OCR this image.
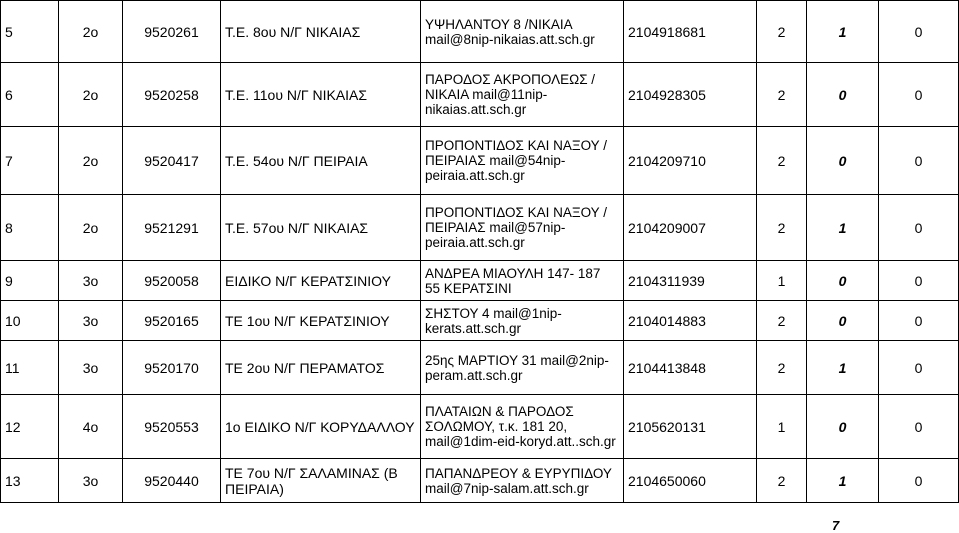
5	2ο	9520261	Τ.Ε. 8ου Ν/Γ ΝΙΚΑΙΑΣ	ΥΨΗΛΑΝΤΟΥ 8 /ΝΙΚΑΙΑ mail@8nip-nikaias.att.sch.gr	2104918681	2	1	0
6	2ο	9520258	Τ.Ε. 11ου Ν/Γ ΝΙΚΑΙΑΣ	ΠΑΡΟΔΟΣ ΑΚΡΟΠΟΛΕΩΣ / ΝΙΚΑΙΑ mail@11nip-nikaias.att.sch.gr	2104928305	2	0	0
7	2ο	9520417	Τ.Ε. 54ου Ν/Γ ΠΕΙΡΑΙΑ	ΠΡΟΠΟΝΤΙΔΟΣ ΚΑΙ ΝΑΞΟΥ / ΠΕΙΡΑΙΑΣ mail@54nip-peiraia.att.sch.gr	2104209710	2	0	0
8	2ο	9521291	Τ.Ε. 57ου Ν/Γ ΝΙΚΑΙΑΣ	ΠΡΟΠΟΝΤΙΔΟΣ ΚΑΙ ΝΑΞΟΥ / ΠΕΙΡΑΙΑΣ mail@57nip-peiraia.att.sch.gr	2104209007	2	1	0
9	3ο	9520058	ΕΙΔΙΚΟ Ν/Γ ΚΕΡΑΤΣΙΝΙΟΥ	ΑΝΔΡΕΑ ΜΙΑΟΥΛΗ 147- 187 55 ΚΕΡΑΤΣΙΝΙ	2104311939	1	0	0
10	3ο	9520165	ΤΕ 1ου Ν/Γ ΚΕΡΑΤΣΙΝΙΟΥ	ΣΗΣΤΟΥ 4 mail@1nip-kerats.att.sch.gr	2104014883	2	0	0
11	3ο	9520170	ΤΕ 2ου Ν/Γ ΠΕΡΑΜΑΤΟΣ	25ης ΜΑΡΤΙΟΥ 31 mail@2nip-peram.att.sch.gr	2104413848	2	1	0
12	4ο	9520553	1ο ΕΙΔΙΚΟ Ν/Γ ΚΟΡΥΔΑΛΛΟΥ	ΠΛΑΤΑΙΩΝ & ΠΑΡΟΔΟΣ ΣΟΛΩΜΟΥ, τ.κ. 181 20, mail@1dim-eid-koryd.att..sch.gr	2105620131	1	0	0
13	3ο	9520440	ΤΕ 7ου Ν/Γ ΣΑΛΑΜΙΝΑΣ (Β ΠΕΙΡΑΙΑ)	ΠΑΠΑΝΔΡΕΟΥ & ΕΥΡΥΠΙΔΟΥ mail@7nip-salam.att.sch.gr	2104650060	2	1	0
7
